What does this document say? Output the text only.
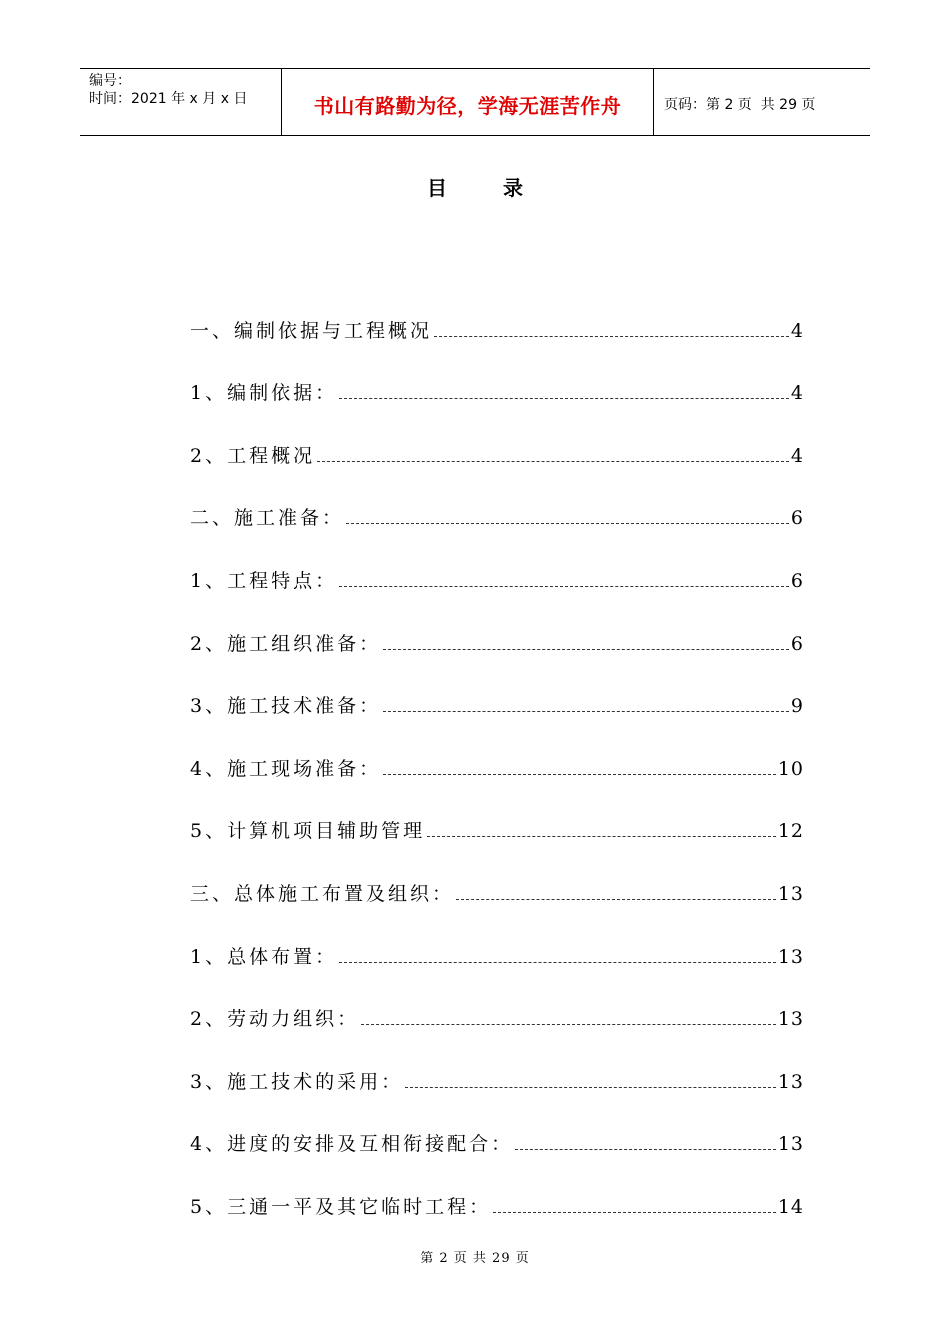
编号：
时间：2021 年 x 月 x 日	书山有路勤为径，学海无涯苦作舟	页码：第 2 页  共 29 页
目	录
一、编制依据与工程概况	4
1、编制依据：	4
2、工程概况	4
二、施工准备：	6
1、工程特点：	6
2、施工组织准备：	6
3、施工技术准备：	9
4、施工现场准备：	10
5、计算机项目辅助管理	12
三、总体施工布置及组织：	13
1、总体布置：	13
2、劳动力组织：	13
3、施工技术的采用：	13
4、进度的安排及互相衔接配合：	13
5、三通一平及其它临时工程：	14
第 2 页 共 29 页
